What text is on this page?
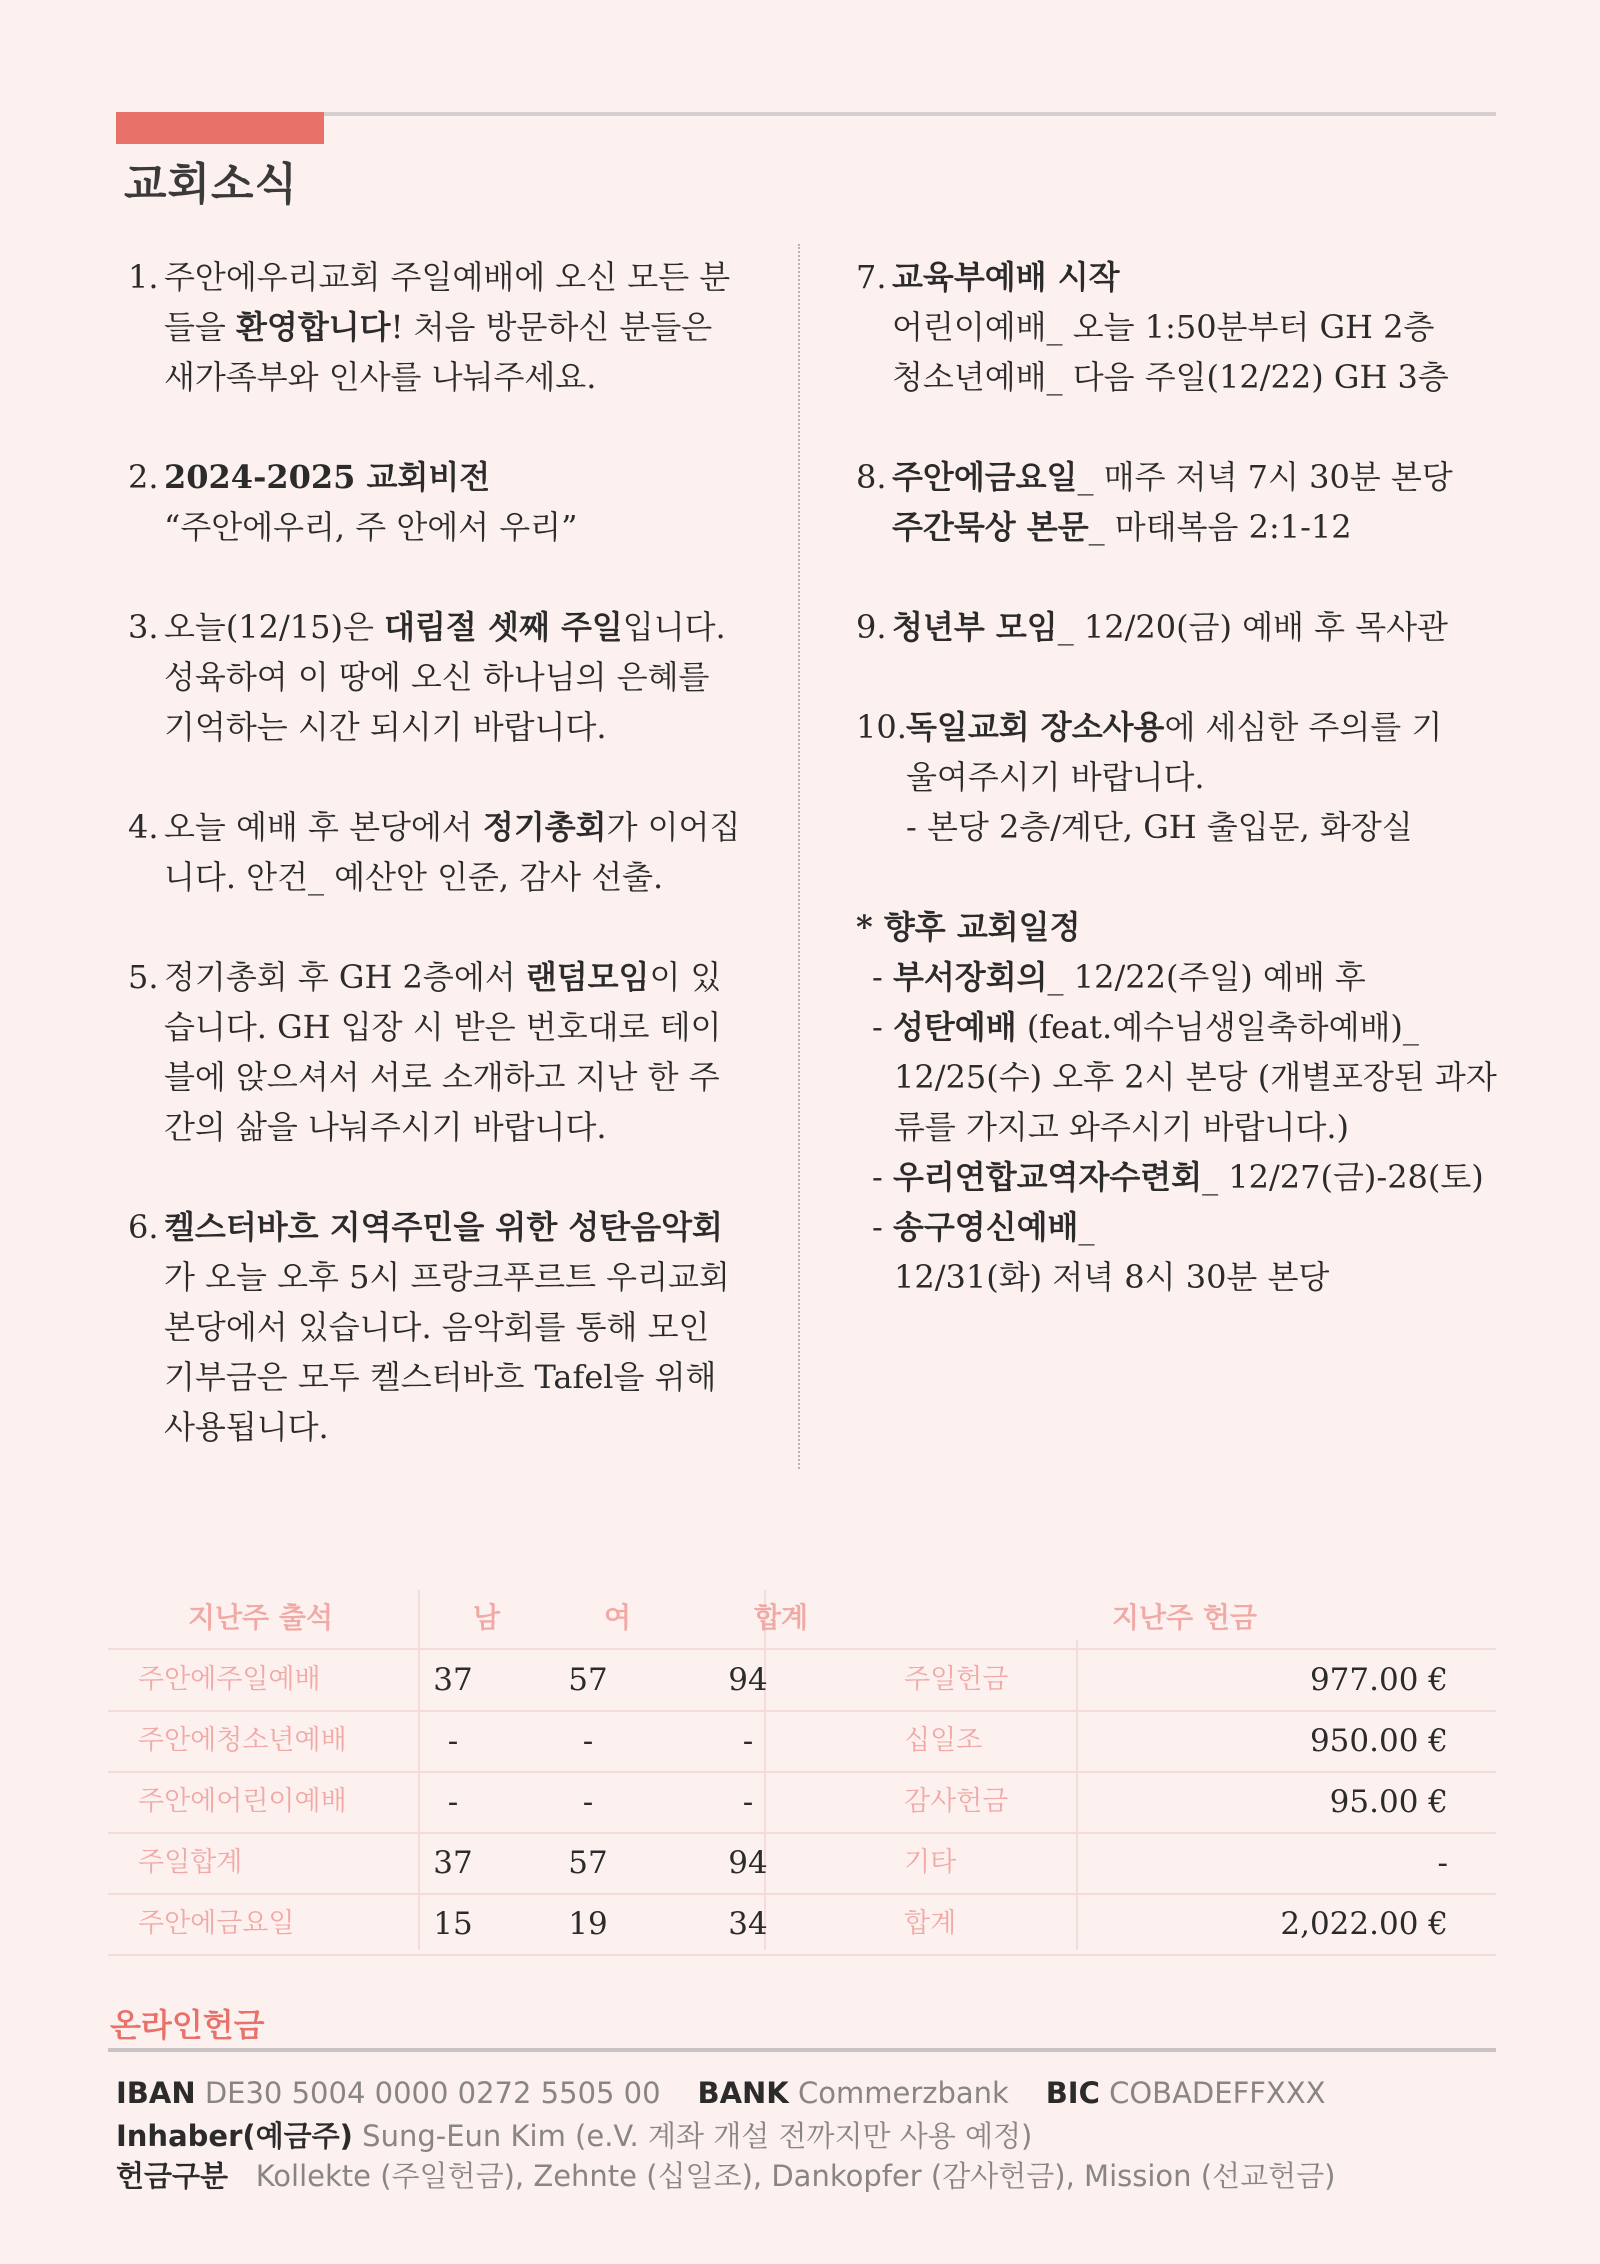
교회소식
1. 주안에우리교회 주일예배에 오신 모든 분
들을 환영합니다! 처음 방문하신 분들은
새가족부와 인사를 나눠주세요.
2. 2024-2025 교회비전
“주안에우리, 주 안에서 우리”
3. 오늘(12/15)은 대림절 셋째 주일입니다.
성육하여 이 땅에 오신 하나님의 은혜를
기억하는 시간 되시기 바랍니다.
4. 오늘 예배 후 본당에서 정기총회가 이어집
니다. 안건_ 예산안 인준, 감사 선출.
5. 정기총회 후 GH 2층에서 랜덤모임이 있
습니다. GH 입장 시 받은 번호대로 테이
블에 앉으셔서 서로 소개하고 지난 한 주
간의 삶을 나눠주시기 바랍니다.
6. 켈스터바흐 지역주민을 위한 성탄음악회
가 오늘 오후 5시 프랑크푸르트 우리교회
본당에서 있습니다. 음악회를 통해 모인
기부금은 모두 켈스터바흐 Tafel을 위해
사용됩니다.
7. 교육부예배 시작
어린이예배_ 오늘 1:50분부터 GH 2층
청소년예배_ 다음 주일(12/22) GH 3층
8. 주안에금요일_ 매주 저녁 7시 30분 본당
주간묵상 본문_ 마태복음 2:1-12
9. 청년부 모임_ 12/20(금) 예배 후 목사관
10. 독일교회 장소사용에 세심한 주의를 기
울여주시기 바랍니다.
- 본당 2층/계단, GH 출입문, 화장실
* 향후 교회일정
- 부서장회의_ 12/22(주일) 예배 후
- 성탄예배 (feat.예수님생일축하예배)_
12/25(수) 오후 2시 본당 (개별포장된 과자
류를 가지고 와주시기 바랍니다.)
- 우리연합교역자수련회_ 12/27(금)-28(토)
- 송구영신예배_
12/31(화) 저녁 8시 30분 본당
지난주 출석	남	여	합계	지난주 헌금
주안에주일예배	37	57	94	주일헌금	977.00 €
주안에청소년예배	-	-	-	십일조	950.00 €
주안에어린이예배	-	-	-	감사헌금	95.00 €
주일합계	37	57	94	기타	-
주안에금요일	15	19	34	합계	2,022.00 €
온라인헌금
IBAN DE30 5004 0000 0272 5505 00 BANK Commerzbank BIC COBADEFFXXX
Inhaber(예금주) Sung-Eun Kim (e.V. 계좌 개설 전까지만 사용 예정)
헌금구분 Kollekte (주일헌금), Zehnte (십일조), Dankopfer (감사헌금), Mission (선교헌금)
